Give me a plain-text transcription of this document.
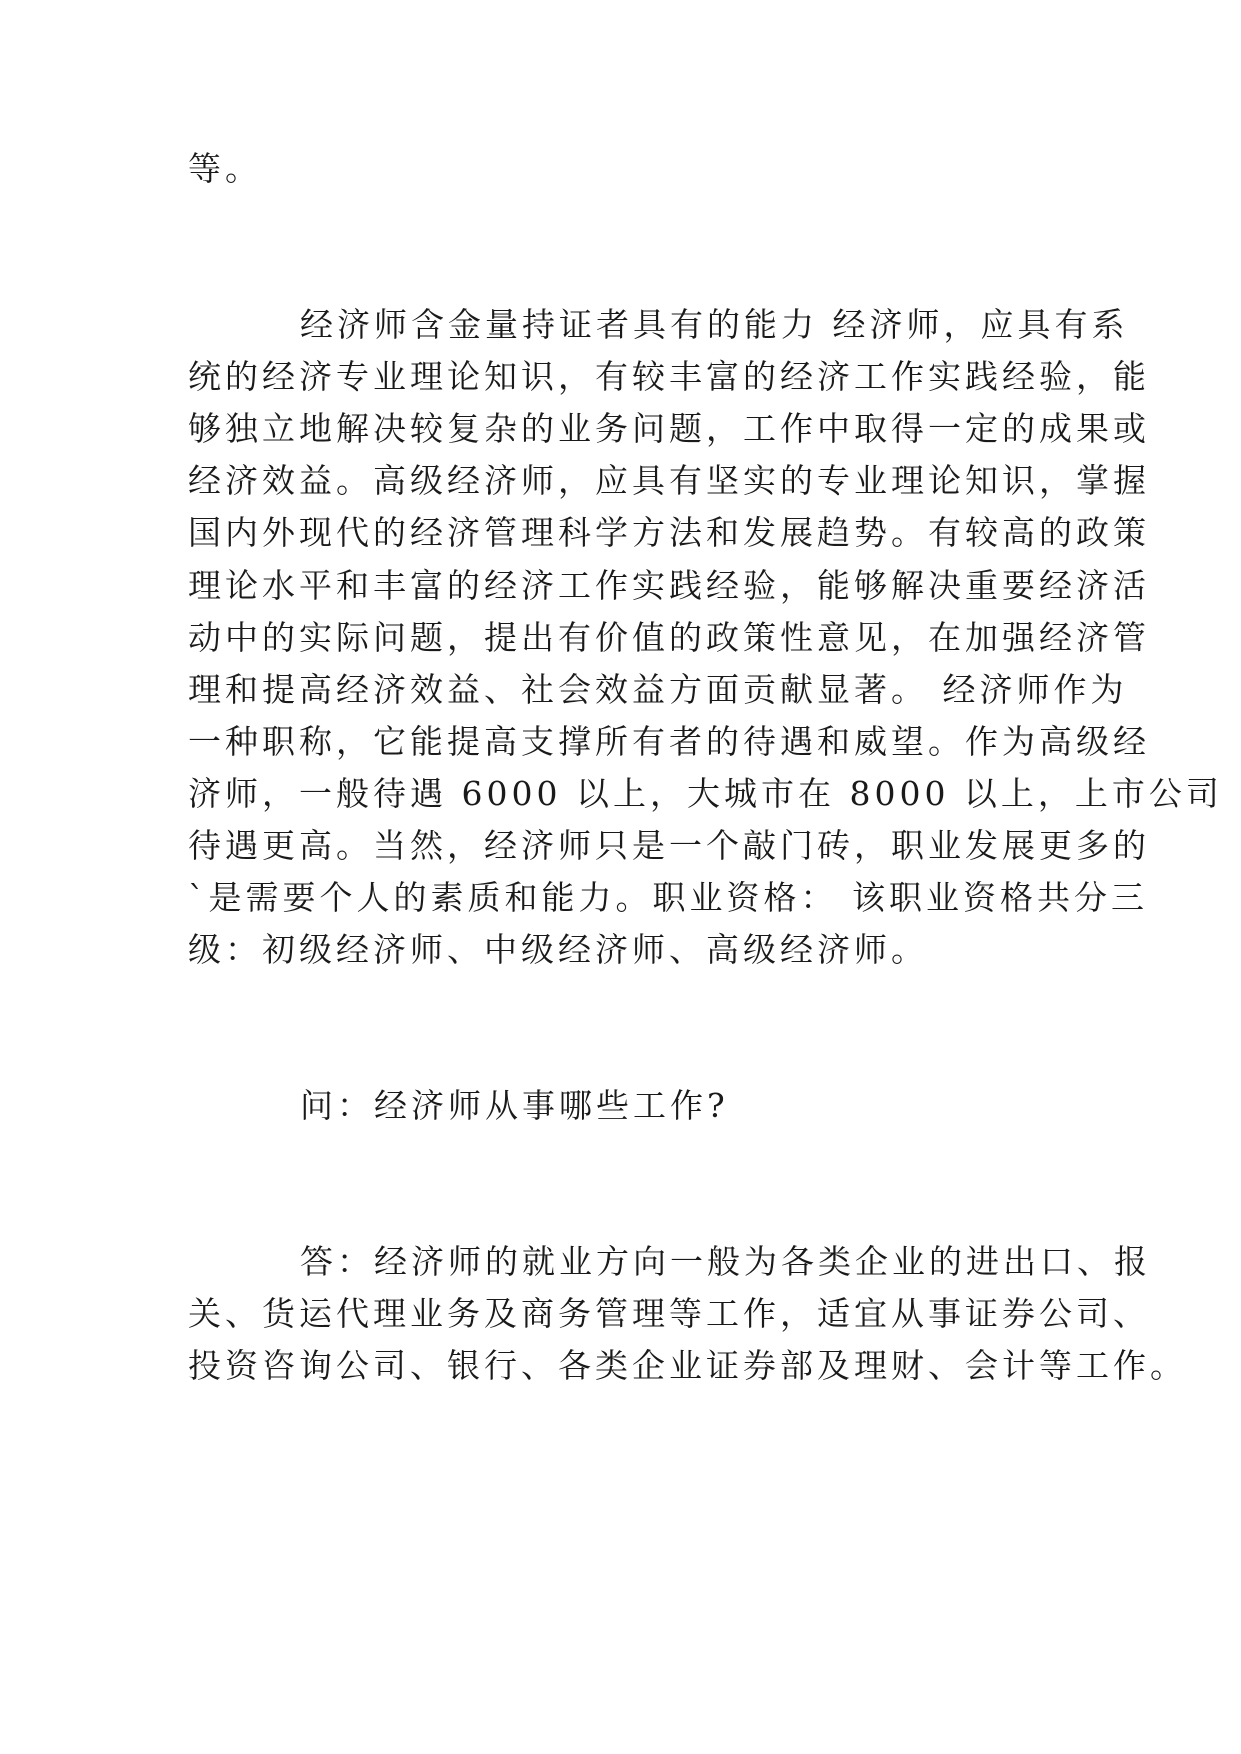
等。

经济师含金量持证者具有的能力 经济师，应具有系

统的经济专业理论知识，有较丰富的经济工作实践经验，能

够独立地解决较复杂的业务问题，工作中取得一定的成果或

经济效益。高级经济师，应具有坚实的专业理论知识，掌握

国内外现代的经济管理科学方法和发展趋势。有较高的政策

理论水平和丰富的经济工作实践经验，能够解决重要经济活

动中的实际问题，提出有价值的政策性意见，在加强经济管

理和提高经济效益、社会效益方面贡献显著。 经济师作为

一种职称，它能提高支撑所有者的待遇和威望。作为高级经

济师，一般待遇 6000 以上，大城市在 8000 以上，上市公司

待遇更高。当然，经济师只是一个敲门砖，职业发展更多的

`是需要个人的素质和能力。职业资格： 该职业资格共分三

级：初级经济师、中级经济师、高级经济师。

问：经济师从事哪些工作?

答：经济师的就业方向一般为各类企业的进出口、报

关、货运代理业务及商务管理等工作，适宜从事证券公司、

投资咨询公司、银行、各类企业证券部及理财、会计等工作。
